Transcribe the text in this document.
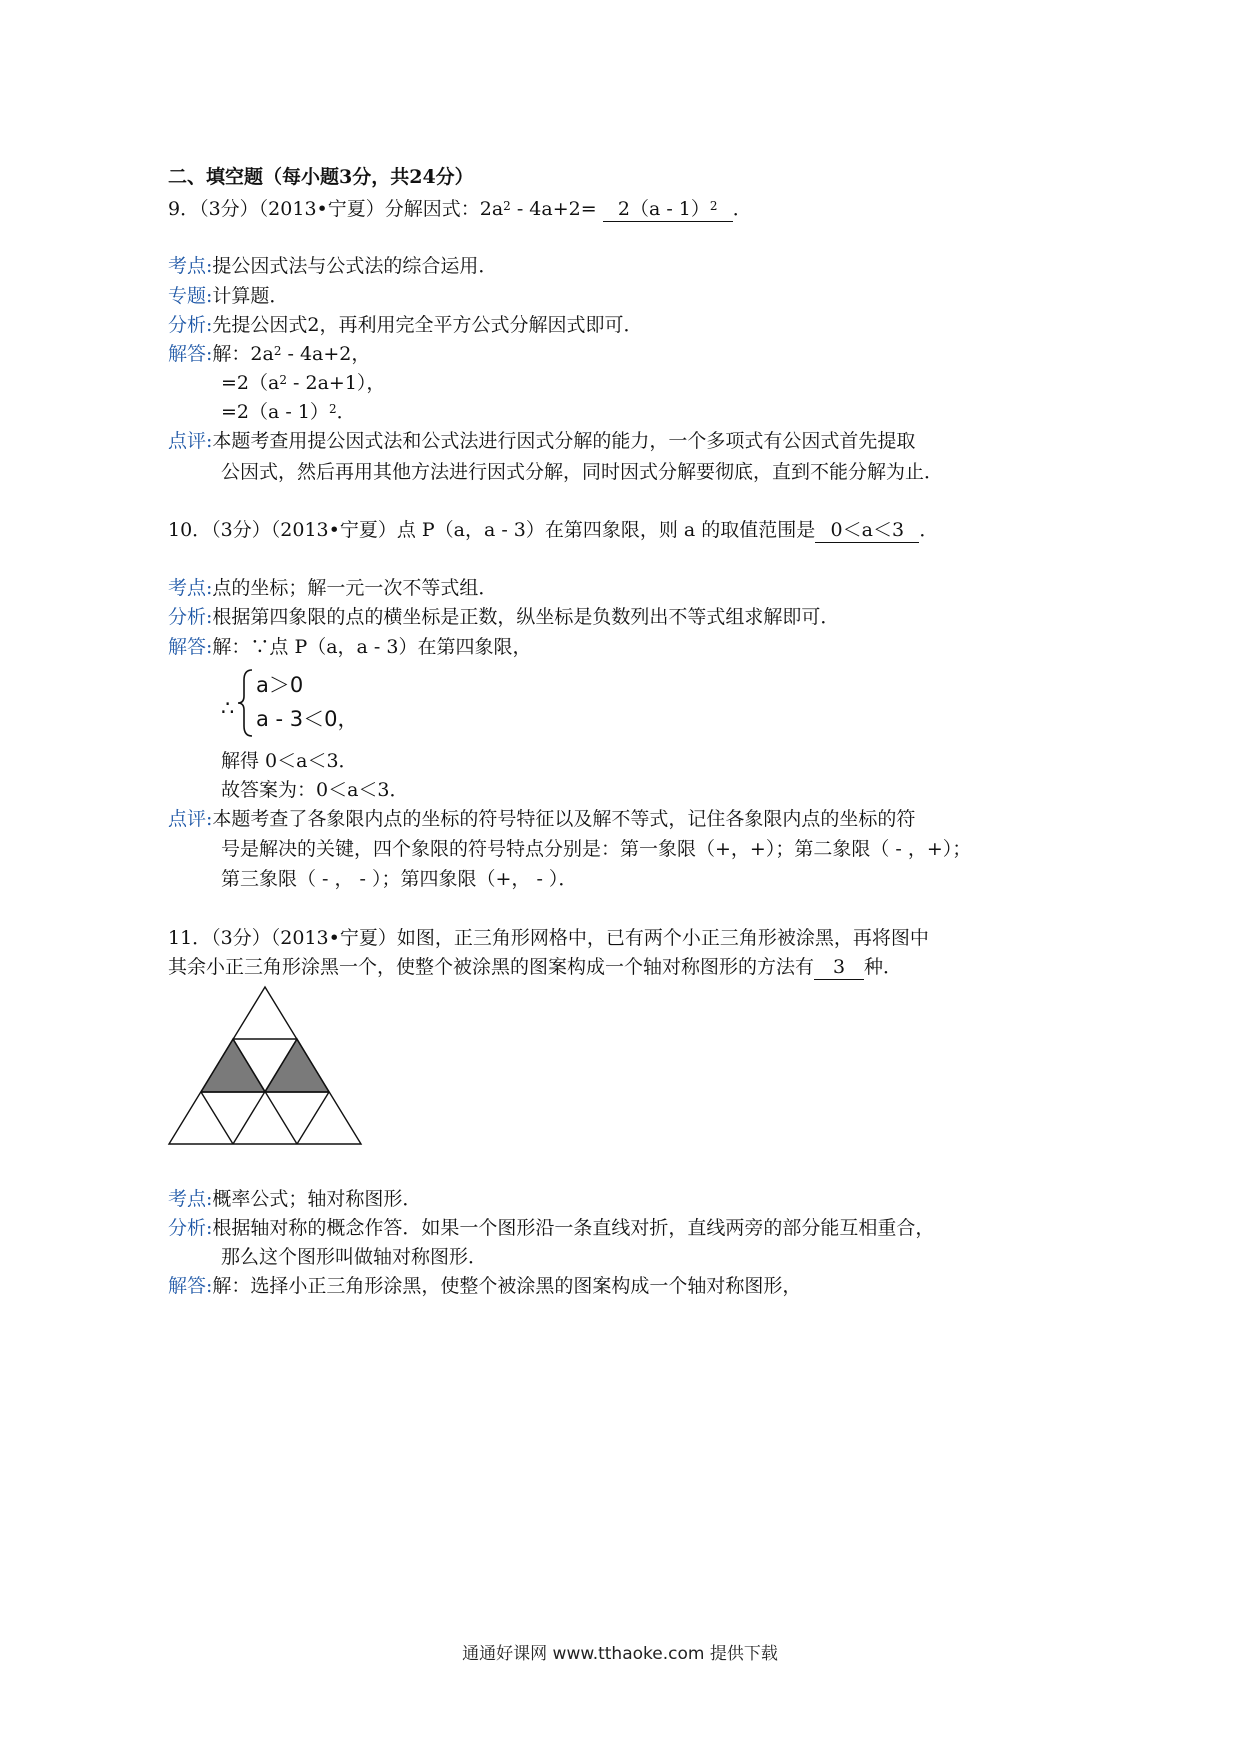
二、填空题（每小题3分，共24分）
9．（3分）（2013•宁夏）分解因式：$2a^2 - 4a+2= 2(a - 1)^2$ ．
考点:提公因式法与公式法的综合运用．
专题:计算题．
分析:先提公因式2，再利用完全平方公式分解因式即可．
解答:解：$2a^2 - 4a+2$，
$=2(a^2 - 2a+1)$，
=2（a - 1）$^2$．
点评:本题考查用提公因式法和公式法进行因式分解的能力，一个多项式有公因式首先提取
公因式，然后再用其他方法进行因式分解，同时因式分解要彻底，直到不能分解为止．
10．（3分）（2013•宁夏）点 P（a，a - 3）在第四象限，则 a 的取值范围是 0＜a＜3 ．
考点:点的坐标；解一元一次不等式组．
分析:根据第四象限的点的横坐标是正数，纵坐标是负数列出不等式组求解即可．
解答:解：∵点 P（a，a - 3）在第四象限，
∴
a＞0
a - 3＜0，
解得 0＜a＜3．
故答案为：0＜a＜3．
点评:本题考查了各象限内点的坐标的符号特征以及解不等式，记住各象限内点的坐标的符
号是解决的关键，四个象限的符号特点分别是：第一象限（+，+）；第二象限（ - ，+）；
第三象限（ - ， - ）；第四象限（+， - ）．
11．（3分）（2013•宁夏）如图，正三角形网格中，已有两个小正三角形被涂黑，再将图中
其余小正三角形涂黑一个，使整个被涂黑的图案构成一个轴对称图形的方法有 3 种．
考点:概率公式；轴对称图形．
分析:根据轴对称的概念作答．如果一个图形沿一条直线对折，直线两旁的部分能互相重合，
那么这个图形叫做轴对称图形．
解答:解：选择小正三角形涂黑，使整个被涂黑的图案构成一个轴对称图形，
通通好课网 www.tthaoke.com 提供下载
